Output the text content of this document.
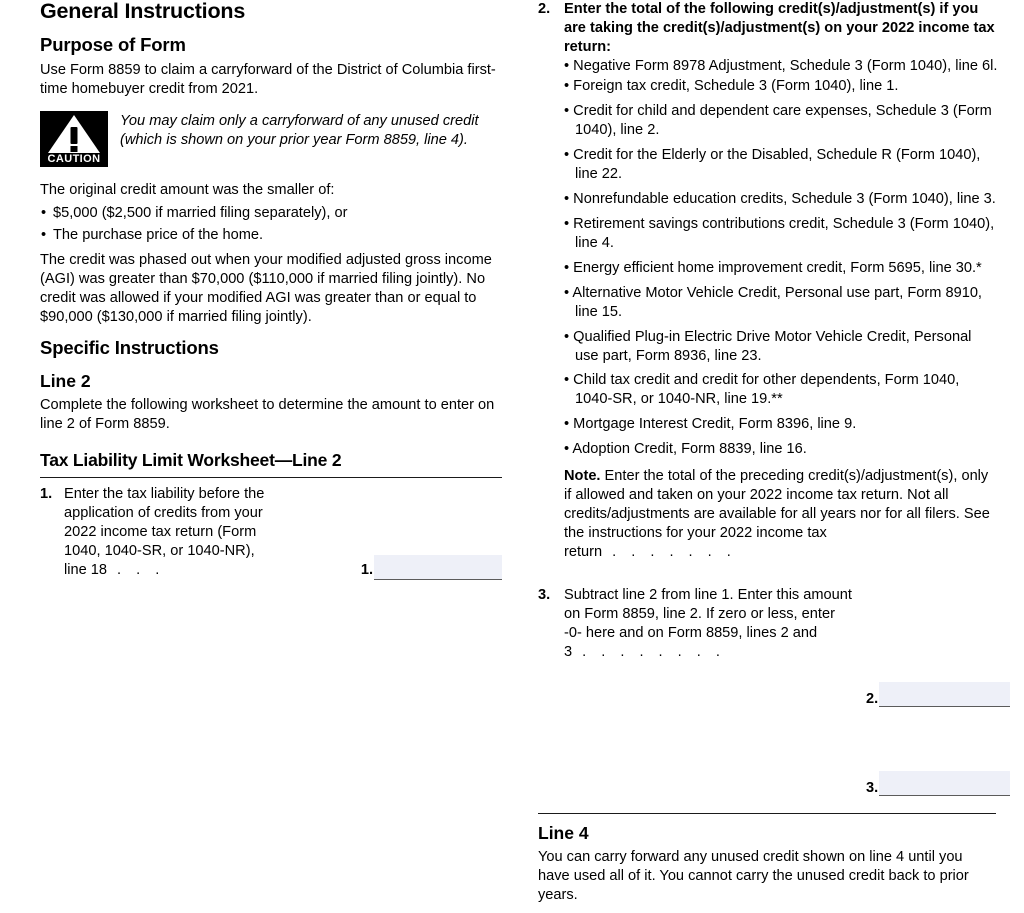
General Instructions
Purpose of Form

Use Form 8859 to claim a carryforward of the District of Columbia first-time homebuyer credit from 2021.

CAUTION
You may claim only a carryforward of any unused credit (which is shown on your prior year Form 8859, line 4).

The original credit amount was the smaller of:

• $5,000 ($2,500 if married filing separately), or
• The purchase price of the home.

The credit was phased out when your modified adjusted gross income (AGI) was greater than $70,000 ($110,000 if married filing jointly). No credit was allowed if your modified AGI was greater than or equal to $90,000 ($130,000 if married filing jointly).

Specific Instructions
Line 2

Complete the following worksheet to determine the amount to enter on line 2 of Form 8859.

Tax Liability Limit Worksheet—Line 2
1. Enter the tax liability before the application of credits from your 2022 income tax return (Form 1040, 1040-SR, or 1040-NR), line 18 . . .	1.
2. Enter the total of the following credit(s)/adjustment(s) if you are taking the credit(s)/adjustment(s) on your 2022 income tax return:

• Negative Form 8978 Adjustment, Schedule 3 (Form 1040), line 6l.
• Foreign tax credit, Schedule 3 (Form 1040), line 1.
• Credit for child and dependent care expenses, Schedule 3 (Form 1040), line 2.
• Credit for the Elderly or the Disabled, Schedule R (Form 1040), line 22.
• Nonrefundable education credits, Schedule 3 (Form 1040), line 3.
• Retirement savings contributions credit, Schedule 3 (Form 1040), line 4.
• Energy efficient home improvement credit, Form 5695, line 30.*
• Alternative Motor Vehicle Credit, Personal use part, Form 8910, line 15.
• Qualified Plug-in Electric Drive Motor Vehicle Credit, Personal use part, Form 8936, line 23.
• Child tax credit and credit for other dependents, Form 1040, 1040-SR, or 1040-NR, line 19.**
• Mortgage Interest Credit, Form 8396, line 9.
• Adoption Credit, Form 8839, line 16.

Note. Enter the total of the preceding credit(s)/adjustment(s), only if allowed and taken on your 2022 income tax return. Not all credits/adjustments are available for all years nor for all filers. See the instructions for your 2022 income tax return . . . . . . .

2.
3. Subtract line 2 from line 1. Enter this amount on Form 8859, line 2. If zero or less, enter -0- here and on Form 8859, lines 2 and 3 . . . . . . . .
3.
Line 4

You can carry forward any unused credit shown on line 4 until you have used all of it. You cannot carry the unused credit back to prior years.
